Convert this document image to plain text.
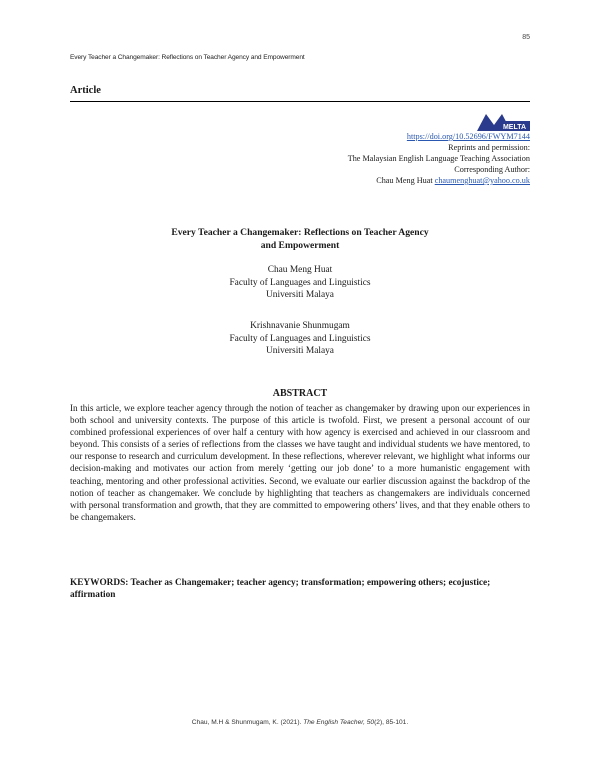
85
Every Teacher a Changemaker: Reflections on Teacher Agency and Empowerment
Article
MELTA
https://doi.org/10.52696/FWYM7144
Reprints and permission:
The Malaysian English Language Teaching Association
Corresponding Author:
Chau Meng Huat chaumenghuat@yahoo.co.uk
Every Teacher a Changemaker: Reflections on Teacher Agency
and Empowerment
Chau Meng Huat
Faculty of Languages and Linguistics
Universiti Malaya
Krishnavanie Shunmugam
Faculty of Languages and Linguistics
Universiti Malaya
ABSTRACT
In this article, we explore teacher agency through the notion of teacher as changemaker by drawing upon our experiences in both school and university contexts. The purpose of this article is twofold. First, we present a personal account of our combined professional experiences of over half a century with how agency is exercised and achieved in our classroom and beyond. This consists of a series of reflections from the classes we have taught and individual students we have mentored, to our response to research and curriculum development. In these reflections, wherever relevant, we highlight what informs our decision-making and motivates our action from merely ‘getting our job done’ to a more humanistic engagement with teaching, mentoring and other professional activities. Second, we evaluate our earlier discussion against the backdrop of the notion of teacher as changemaker. We conclude by highlighting that teachers as changemakers are individuals concerned with personal transformation and growth, that they are committed to empowering others’ lives, and that they enable others to be changemakers.
KEYWORDS: Teacher as Changemaker; teacher agency; transformation; empowering others; ecojustice; affirmation
Chau, M.H & Shunmugam, K. (2021). The English Teacher, 50(2), 85-101.
